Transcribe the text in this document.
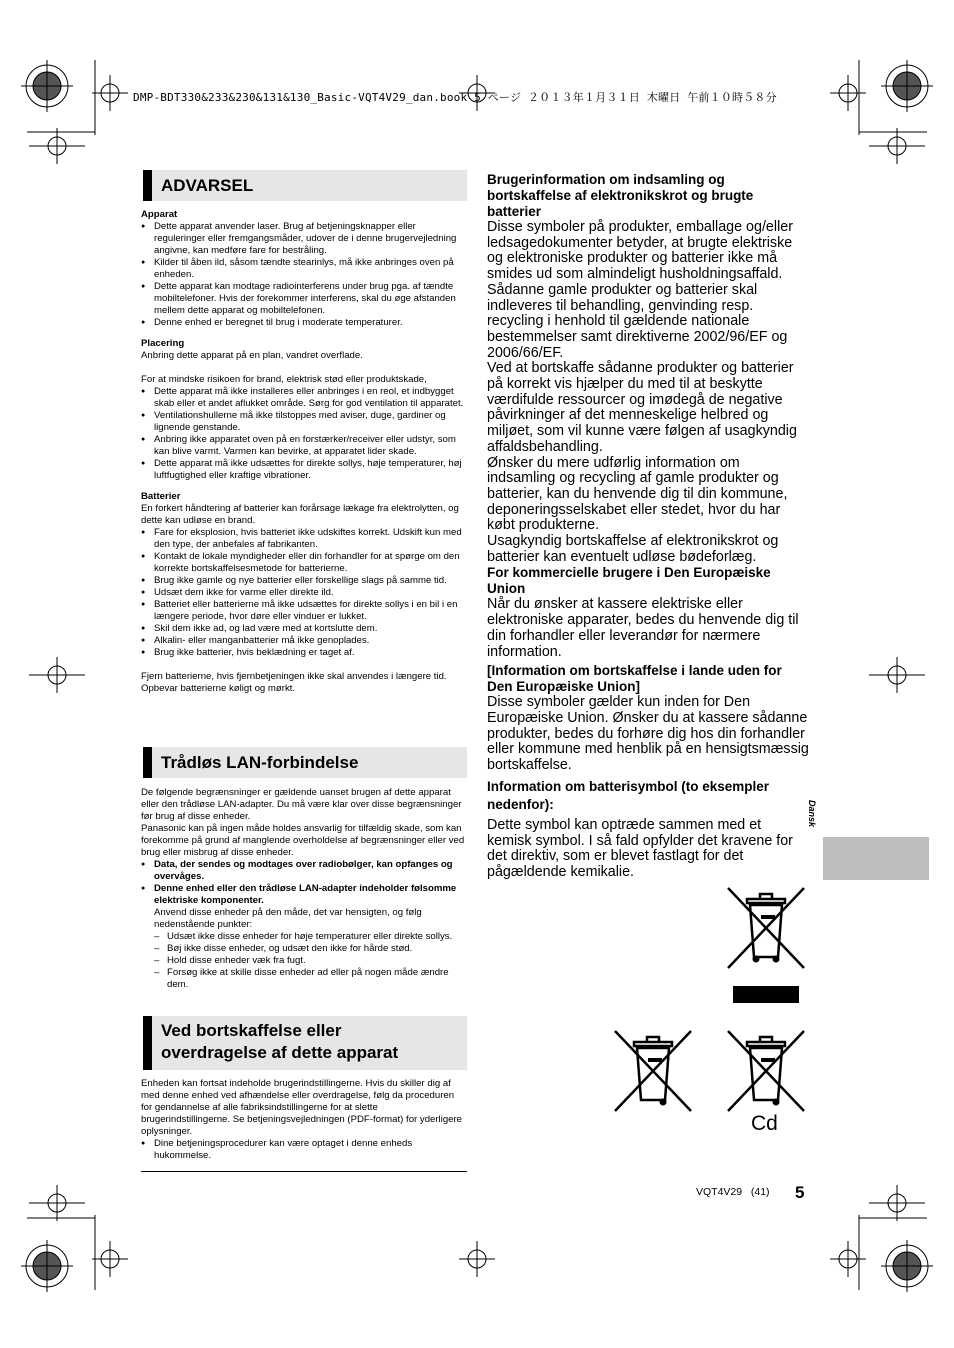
DMP-BDT330&233&230&131&130_Basic-VQT4V29_dan.book 5 ページ ２０１３年１月３１日 木曜日 午前１０時５８分
ADVARSEL

Apparat

● Dette apparat anvender laser. Brug af betjeningsknapper eller reguleringer eller fremgangsmåder, udover de i denne brugervejledning angivne, kan medføre fare for bestråling.
● Kilder til åben ild, såsom tændte stearinlys, må ikke anbringes oven på enheden.
● Dette apparat kan modtage radiointerferens under brug pga. af tændte mobiltelefoner. Hvis der forekommer interferens, skal du øge afstanden mellem dette apparat og mobiltelefonen.
● Denne enhed er beregnet til brug i moderate temperaturer.

Placering

Anbring dette apparat på en plan, vandret overflade.

For at mindske risikoen for brand, elektrisk stød eller produktskade,

● Dette apparat må ikke installeres eller anbringes i en reol, et indbygget skab eller et andet aflukket område. Sørg for god ventilation til apparatet.
● Ventilationshullerne må ikke tilstoppes med aviser, duge, gardiner og lignende genstande.
● Anbring ikke apparatet oven på en forstærker/receiver eller udstyr, som kan blive varmt. Varmen kan bevirke, at apparatet lider skade.
● Dette apparat må ikke udsættes for direkte sollys, høje temperaturer, høj luftfugtighed eller kraftige vibrationer.

Batterier

En forkert håndtering af batterier kan forårsage lækage fra elektrolytten, og dette kan udløse en brand.

● Fare for eksplosion, hvis batteriet ikke udskiftes korrekt. Udskift kun med den type, der anbefales af fabrikanten.
● Kontakt de lokale myndigheder eller din forhandler for at spørge om den korrekte bortskaffelsesmetode for batterierne.
● Brug ikke gamle og nye batterier eller forskellige slags på samme tid.
● Udsæt dem ikke for varme eller direkte ild.
● Batteriet eller batterierne må ikke udsættes for direkte sollys i en bil i en længere periode, hvor døre eller vinduer er lukket.
● Skil dem ikke ad, og lad være med at kortslutte dem.
● Alkalin- eller manganbatterier må ikke genoplades.
● Brug ikke batterier, hvis beklædning er taget af.

Fjern batterierne, hvis fjernbetjeningen ikke skal anvendes i længere tid. Opbevar batterierne køligt og mørkt.

Trådløs LAN-forbindelse

De følgende begrænsninger er gældende uanset brugen af dette apparat eller den trådløse LAN-adapter. Du må være klar over disse begrænsninger før brug af disse enheder.

Panasonic kan på ingen måde holdes ansvarlig for tilfældig skade, som kan forekomme på grund af manglende overholdelse af begrænsninger eller ved brug eller misbrug af disse enheder.

● Data, der sendes og modtages over radiobølger, kan opfanges og overvåges.
● Denne enhed eller den trådløse LAN-adapter indeholder følsomme elektriske komponenter.

Anvend disse enheder på den måde, det var hensigten, og følg nedenstående punkter:

– Udsæt ikke disse enheder for høje temperaturer eller direkte sollys.
– Bøj ikke disse enheder, og udsæt den ikke for hårde stød.
– Hold disse enheder væk fra fugt.
– Forsøg ikke at skille disse enheder ad eller på nogen måde ændre dem.
Ved bortskaffelse eller
overdragelse af dette apparat

Enheden kan fortsat indeholde brugerindstillingerne. Hvis du skiller dig af med denne enhed ved afhændelse eller overdragelse, følg da proceduren for gendannelse af alle fabriksindstillingerne for at slette brugerindstillingerne. Se betjeningsvejledningen (PDF-format) for yderligere oplysninger.

● Dine betjeningsprocedurer kan være optaget i denne enheds hukommelse.

Brugerinformation om indsamling og bortskaffelse af elektronikskrot og brugte batterier

Disse symboler på produkter, emballage og/eller ledsagedokumenter betyder, at brugte elektriske og elektroniske produkter og batterier ikke må smides ud som almindeligt husholdningsaffald.

Sådanne gamle produkter og batterier skal indleveres til behandling, genvinding resp. recycling i henhold til gældende nationale bestemmelser samt direktiverne 2002/96/EF og 2006/66/EF.

Ved at bortskaffe sådanne produkter og batterier på korrekt vis hjælper du med til at beskytte værdifulde ressourcer og imødegå de negative påvirkninger af det menneskelige helbred og miljøet, som vil kunne være følgen af usagkyndig affaldsbehandling.

Ønsker du mere udførlig information om indsamling og recycling af gamle produkter og batterier, kan du henvende dig til din kommune, deponeringsselskabet eller stedet, hvor du har købt produkterne.

Usagkyndig bortskaffelse af elektronikskrot og batterier kan eventuelt udløse bødeforlæg.

For kommercielle brugere i Den Europæiske Union

Når du ønsker at kassere elektriske eller elektroniske apparater, bedes du henvende dig til din forhandler eller leverandør for nærmere information.

[Information om bortskaffelse i lande uden for Den Europæiske Union]

Disse symboler gælder kun inden for Den Europæiske Union. Ønsker du at kassere sådanne produkter, bedes du forhøre dig hos din forhandler eller kommune med henblik på en hensigtsmæssig bortskaffelse.

Information om batterisymbol (to eksempler nedenfor):

Dette symbol kan optræde sammen med et kemisk symbol. I så fald opfylder det kravene for det direktiv, som er blevet fastlagt for det pågældende kemikalie.

Dansk
Cd
VQT4V29   (41) 5
